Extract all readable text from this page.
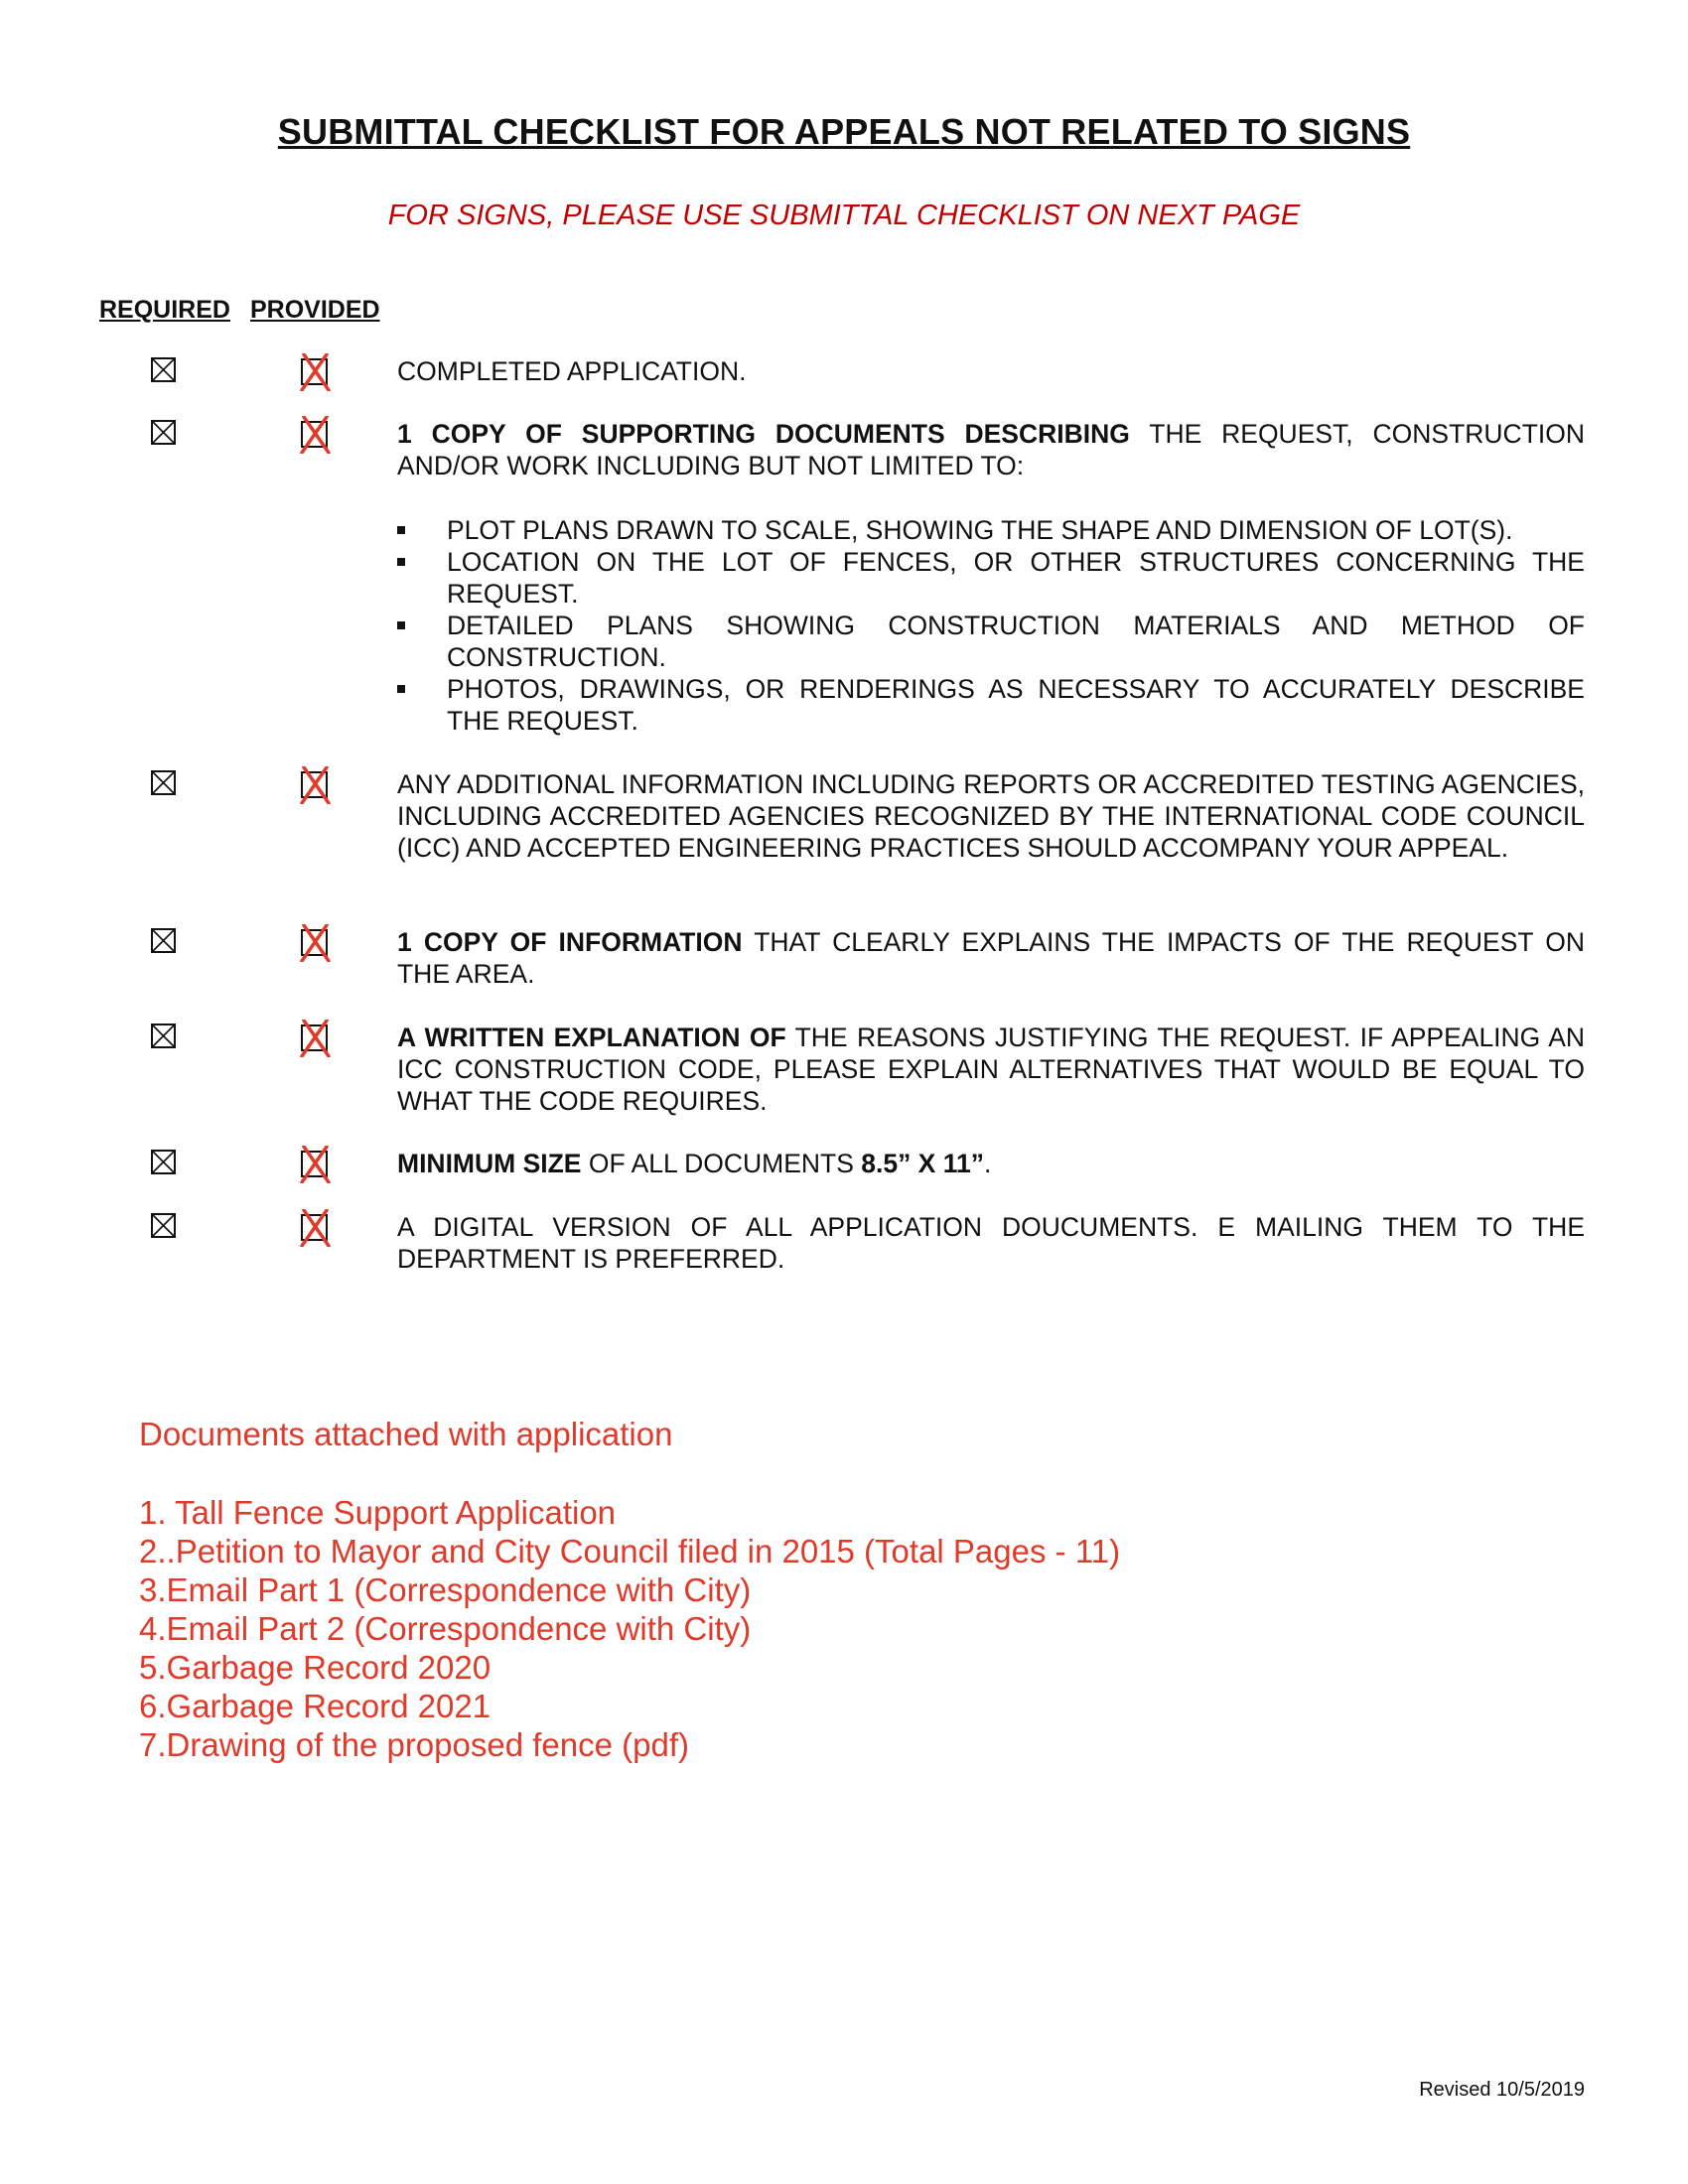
SUBMITTAL CHECKLIST FOR APPEALS NOT RELATED TO SIGNS
FOR SIGNS, PLEASE USE SUBMITTAL CHECKLIST ON NEXT PAGE
REQUIRED PROVIDED
COMPLETED APPLICATION.
1 COPY OF SUPPORTING DOCUMENTS DESCRIBING THE REQUEST, CONSTRUCTION AND/OR WORK INCLUDING BUT NOT LIMITED TO:
PLOT PLANS DRAWN TO SCALE, SHOWING THE SHAPE AND DIMENSION OF LOT(S).
LOCATION ON THE LOT OF FENCES, OR OTHER STRUCTURES CONCERNING THE REQUEST.
DETAILED PLANS SHOWING CONSTRUCTION MATERIALS AND METHOD OF CONSTRUCTION.
PHOTOS, DRAWINGS, OR RENDERINGS AS NECESSARY TO ACCURATELY DESCRIBE THE REQUEST.
ANY ADDITIONAL INFORMATION INCLUDING REPORTS OR ACCREDITED TESTING AGENCIES, INCLUDING ACCREDITED AGENCIES RECOGNIZED BY THE INTERNATIONAL CODE COUNCIL (ICC) AND ACCEPTED ENGINEERING PRACTICES SHOULD ACCOMPANY YOUR APPEAL.
1 COPY OF INFORMATION THAT CLEARLY EXPLAINS THE IMPACTS OF THE REQUEST ON THE AREA.
A WRITTEN EXPLANATION OF THE REASONS JUSTIFYING THE REQUEST. IF APPEALING AN ICC CONSTRUCTION CODE, PLEASE EXPLAIN ALTERNATIVES THAT WOULD BE EQUAL TO WHAT THE CODE REQUIRES.
MINIMUM SIZE OF ALL DOCUMENTS 8.5” X 11”.
A DIGITAL VERSION OF ALL APPLICATION DOUCUMENTS. E MAILING THEM TO THE DEPARTMENT IS PREFERRED.
Documents attached with application
1. Tall Fence Support Application
2..Petition to Mayor and City Council filed in 2015 (Total Pages - 11)
3.Email Part 1 (Correspondence with City)
4.Email Part 2 (Correspondence with City)
5.Garbage Record 2020
6.Garbage Record 2021
7.Drawing of the proposed fence (pdf)
Revised 10/5/2019
